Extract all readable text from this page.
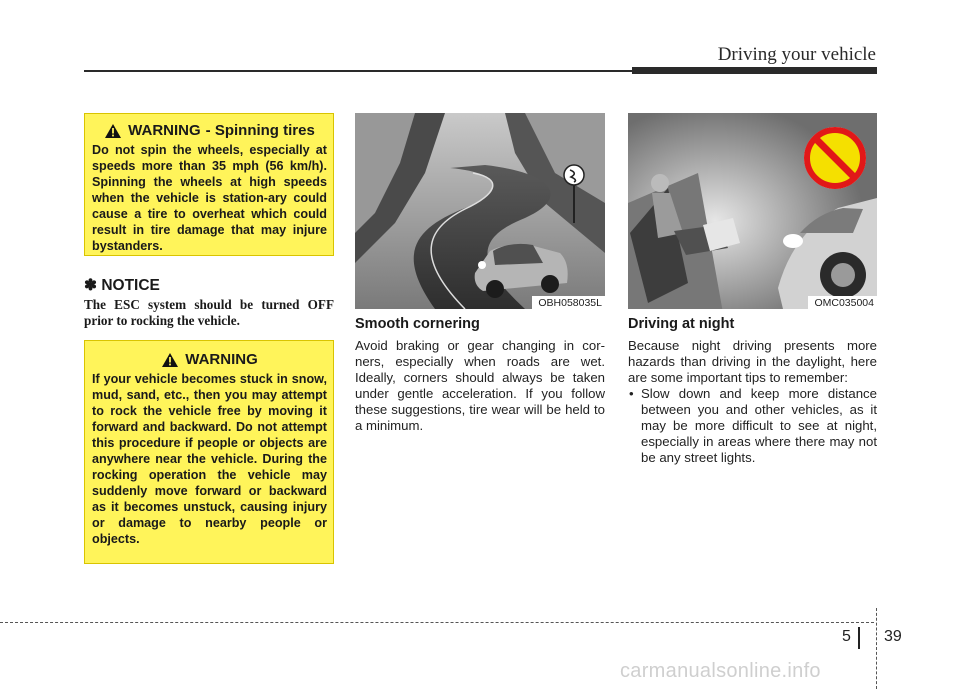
Driving your vehicle
WARNING - Spinning tires
Do not spin the wheels, especially at speeds more than 35 mph (56 km/h). Spinning the wheels at high speeds when the vehicle is station-ary could cause a tire to overheat which could result in tire damage that may injure bystanders.
✽ NOTICE
The ESC system should be turned OFF prior to rocking the vehicle.
WARNING
If your vehicle becomes stuck in snow, mud, sand, etc., then you may attempt to rock the vehicle free by moving it forward and backward. Do not attempt this procedure if people or objects are anywhere near the vehicle. During the rocking operation the vehicle may suddenly move forward or backward as it becomes unstuck, causing injury or damage to nearby people or objects.
OBH058035L	OMC035004
Smooth cornering
Avoid braking or gear changing in cor-ners, especially when roads are wet. Ideally, corners should always be taken under gentle acceleration. If you follow these suggestions, tire wear will be held to a minimum.
Driving at night
Because night driving presents more hazards than driving in the daylight, here are some important tips to remember:
• Slow down and keep more distance between you and other vehicles, as it may be more difficult to see at night, especially in areas where there may not be any street lights.
5 39
carmanualsonline.info
